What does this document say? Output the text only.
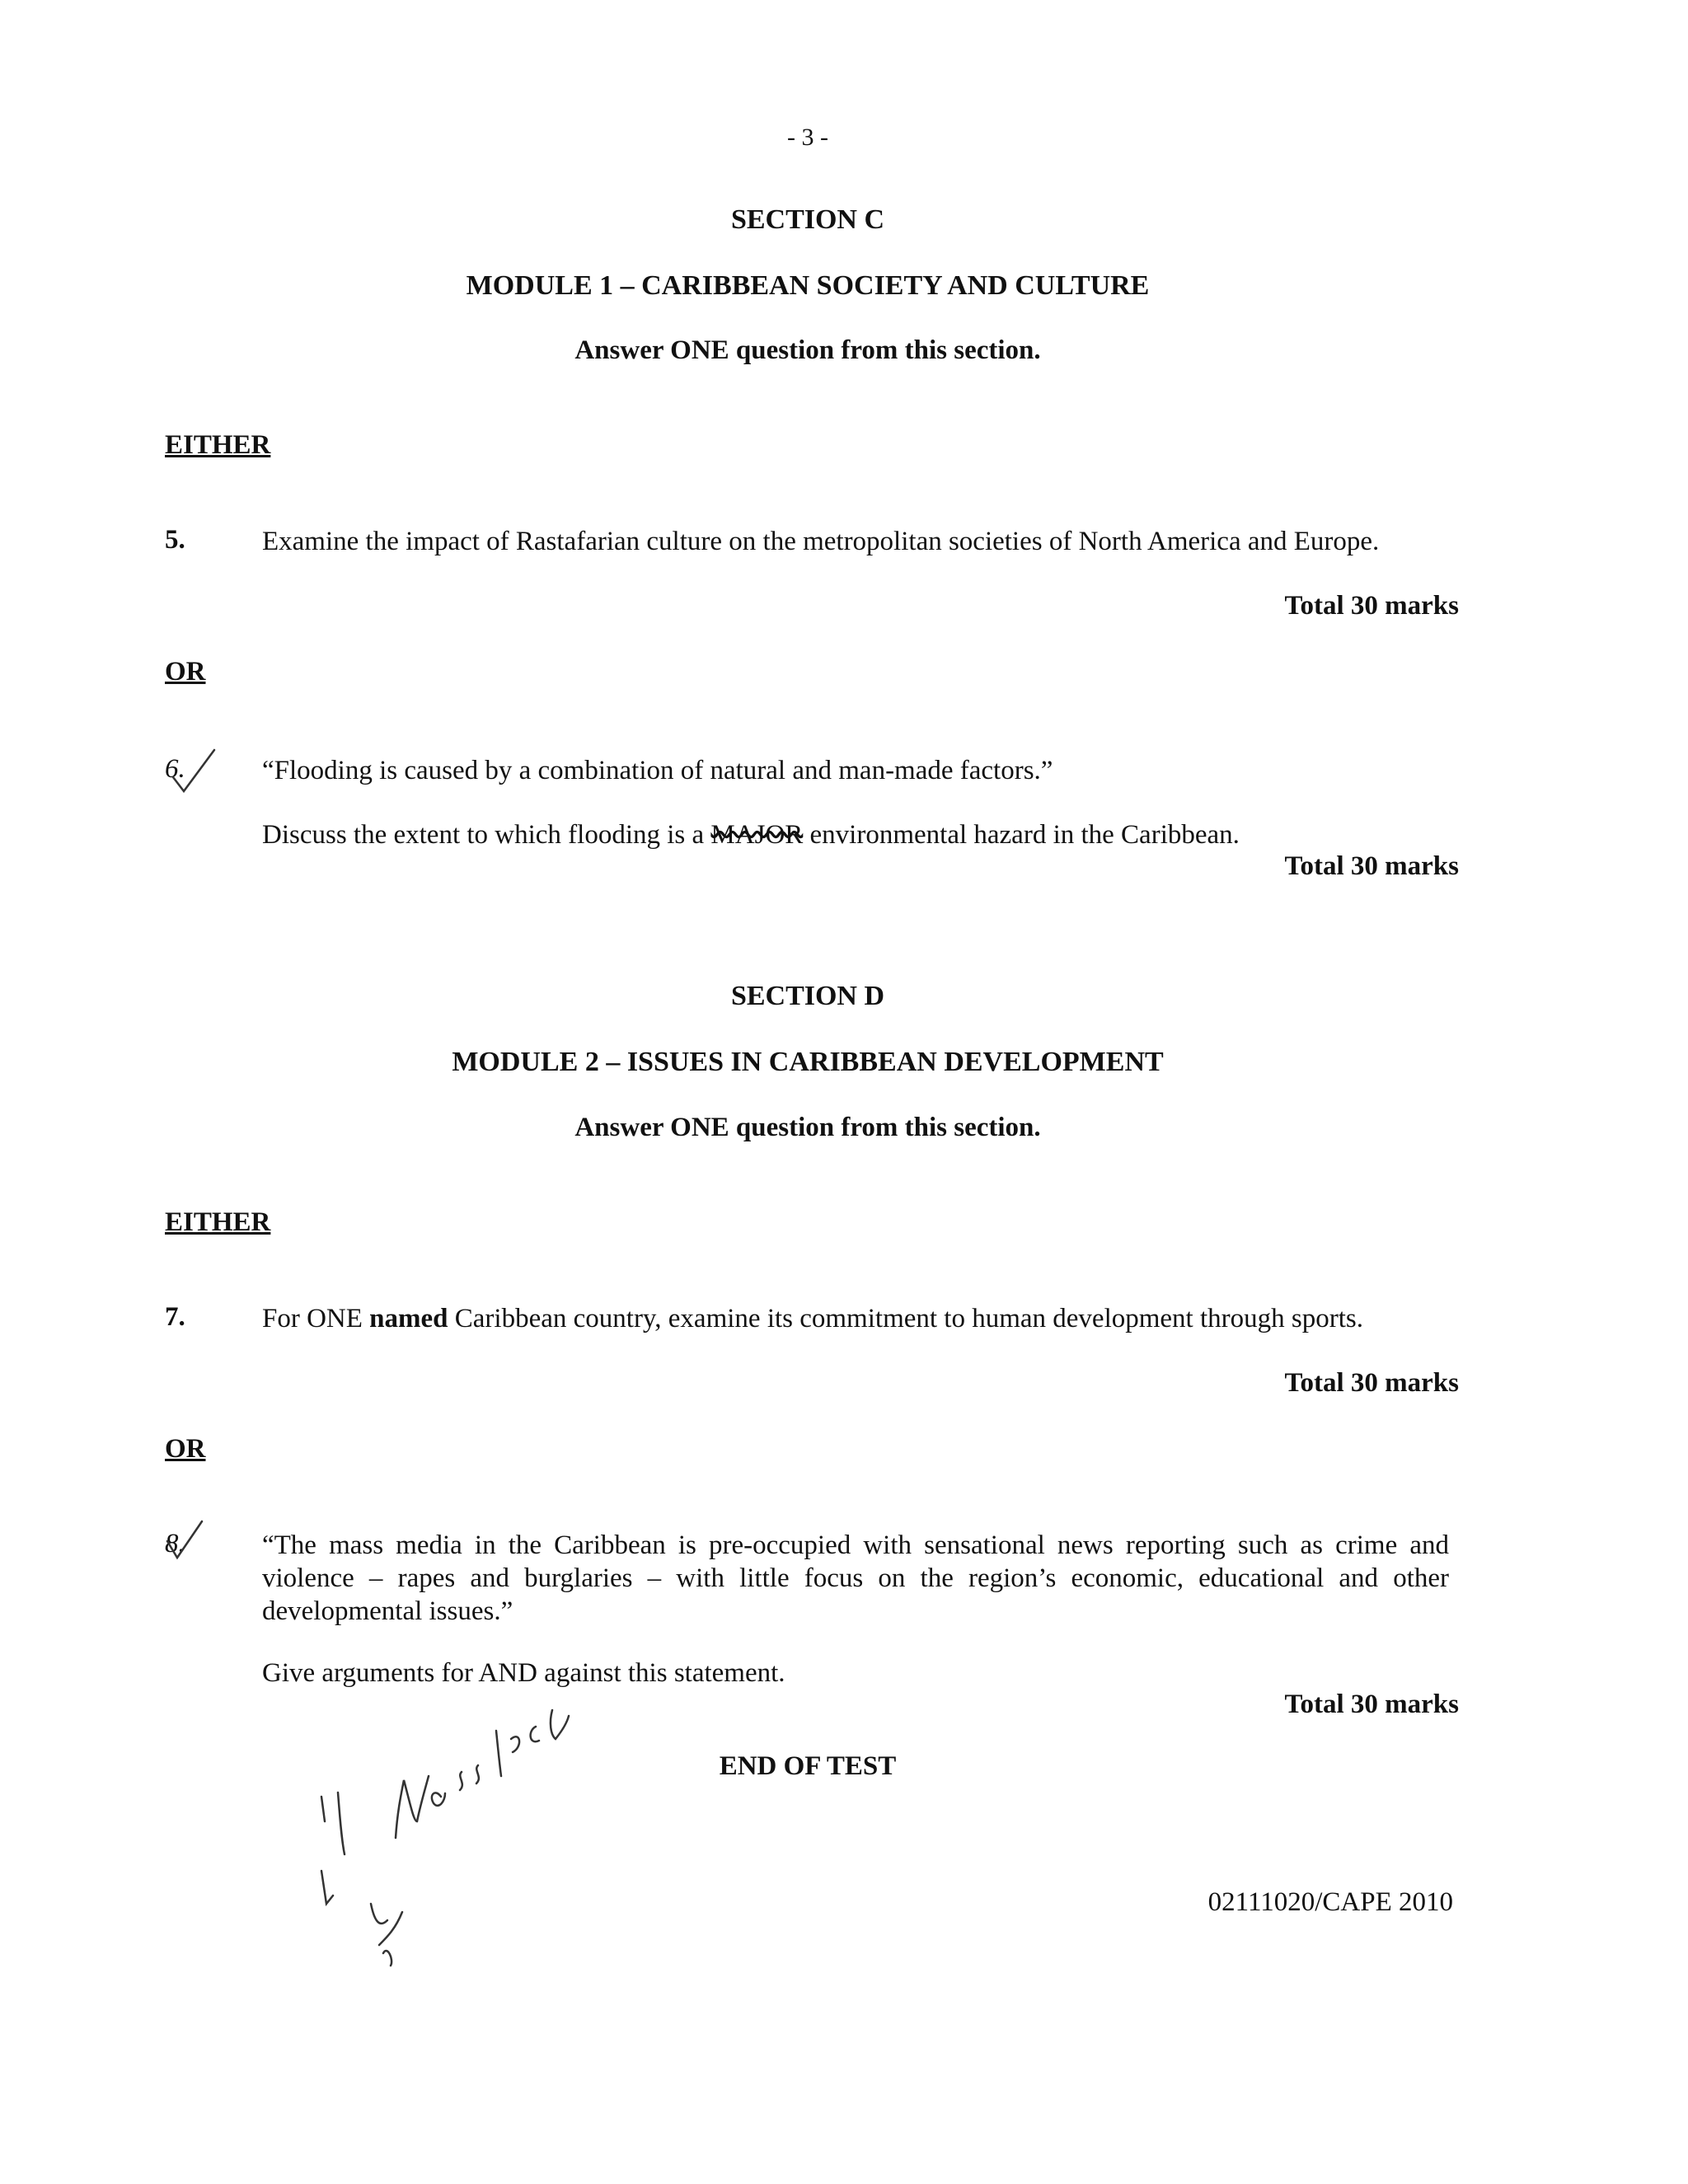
- 3 -
SECTION C
MODULE 1 – CARIBBEAN SOCIETY AND CULTURE
Answer ONE question from this section.
EITHER
5.	Examine the impact of Rastafarian culture on the metropolitan societies of North America and Europe.
Total 30 marks
OR
6.	“Flooding is caused by a combination of natural and man-made factors.”
Discuss the extent to which flooding is a MAJOR environmental hazard in the Caribbean.
Total 30 marks
SECTION D
MODULE 2 – ISSUES IN CARIBBEAN DEVELOPMENT
Answer ONE question from this section.
EITHER
7.	For ONE named Caribbean country, examine its commitment to human development through sports.
Total 30 marks
OR
8.	“The mass media in the Caribbean is pre-occupied with sensational news reporting such as crime and violence – rapes and burglaries – with little focus on the region’s economic, educational and other developmental issues.”
Give arguments for AND against this statement.
Total 30 marks
END OF TEST
02111020/CAPE 2010
